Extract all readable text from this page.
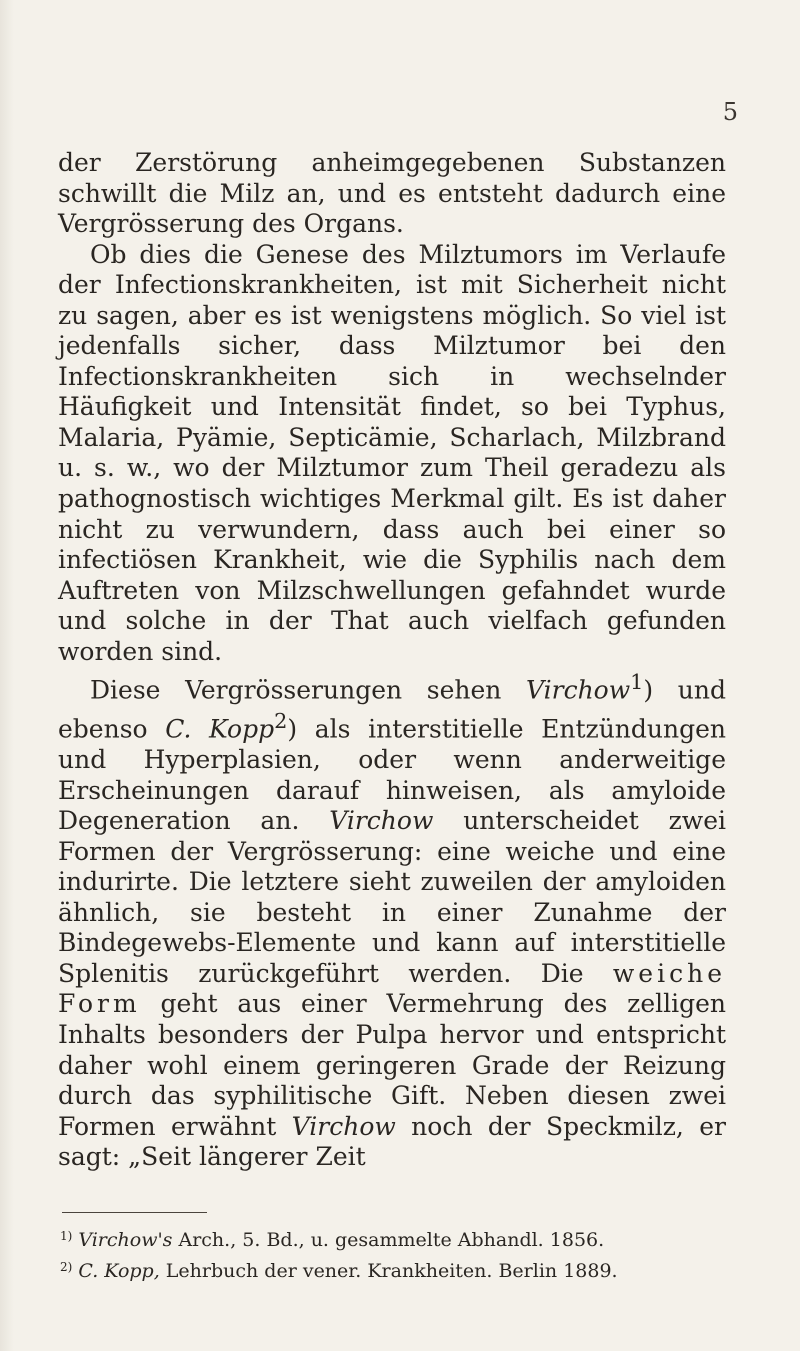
5

der Zerstörung anheimgegebenen Substanzen schwillt die Milz an, und es entsteht dadurch eine Vergrösserung des Organs.

Ob dies die Genese des Milztumors im Verlaufe der Infectionskrankheiten, ist mit Sicherheit nicht zu sagen, aber es ist wenigstens möglich. So viel ist jedenfalls sicher, dass Milztumor bei den Infectionskrankheiten sich in wechselnder Häufigkeit und Intensität findet, so bei Typhus, Malaria, Pyämie, Septicämie, Scharlach, Milzbrand u. s. w., wo der Milztumor zum Theil geradezu als pathognostisch wichtiges Merkmal gilt. Es ist daher nicht zu verwundern, dass auch bei einer so infectiösen Krankheit, wie die Syphilis nach dem Auftreten von Milzschwellungen gefahndet wurde und solche in der That auch vielfach gefunden worden sind.

Diese Vergrösserungen sehen Virchow$^1$) und ebenso C. Kopp$^2$) als interstitielle Entzündungen und Hyperplasien, oder wenn anderweitige Erscheinungen darauf hinweisen, als amyloide Degeneration an. Virchow unterscheidet zwei Formen der Vergrösserung: eine weiche und eine indurirte. Die letztere sieht zuweilen der amyloiden ähnlich, sie besteht in einer Zunahme der Bindegewebs-Elemente und kann auf interstitielle Splenitis zurückgeführt werden. Die weiche Form geht aus einer Vermehrung des zelligen Inhalts besonders der Pulpa hervor und entspricht daher wohl einem geringeren Grade der Reizung durch das syphilitische Gift. Neben diesen zwei Formen erwähnt Virchow noch der Speckmilz, er sagt: „Seit längerer Zeit

$^{1)}$ Virchow's Arch., 5. Bd., u. gesammelte Abhandl. 1856.
$^{2)}$ C. Kopp, Lehrbuch der vener. Krankheiten. Berlin 1889.
